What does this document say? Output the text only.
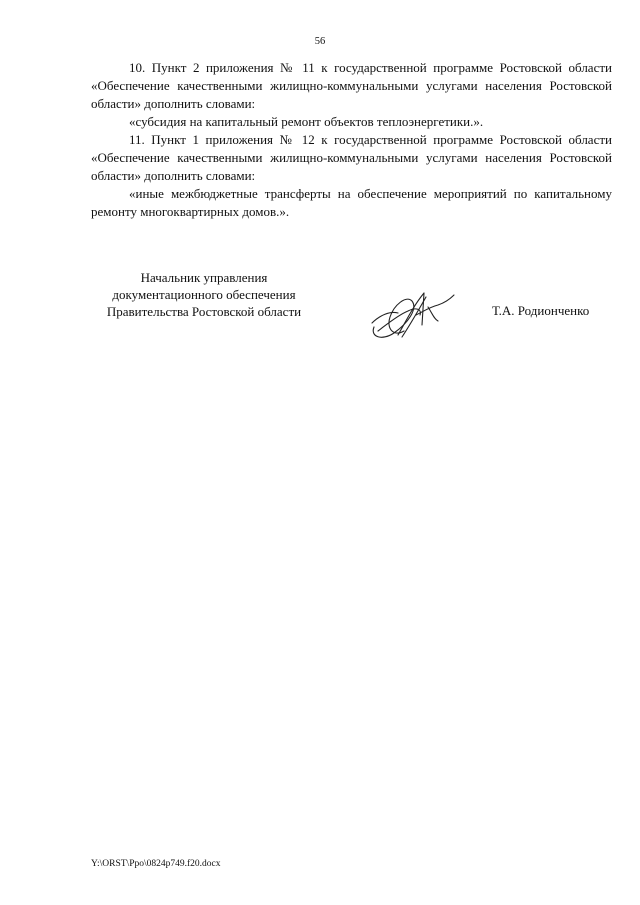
56

10. Пункт 2 приложения № 11 к государственной программе Ростовской области «Обеспечение качественными жилищно-коммунальными услугами населения Ростовской области» дополнить словами:

«субсидия на капитальный ремонт объектов теплоэнергетики.».

11. Пункт 1 приложения № 12 к государственной программе Ростовской области «Обеспечение качественными жилищно-коммунальными услугами населения Ростовской области» дополнить словами:

«иные межбюджетные трансферты на обеспечение мероприятий по капитальному ремонту многоквартирных домов.».

Начальник управления
документационного обеспечения
Правительства Ростовской области	Т.А. Родионченко
Y:\ORST\Ppo\0824p749.f20.docx
